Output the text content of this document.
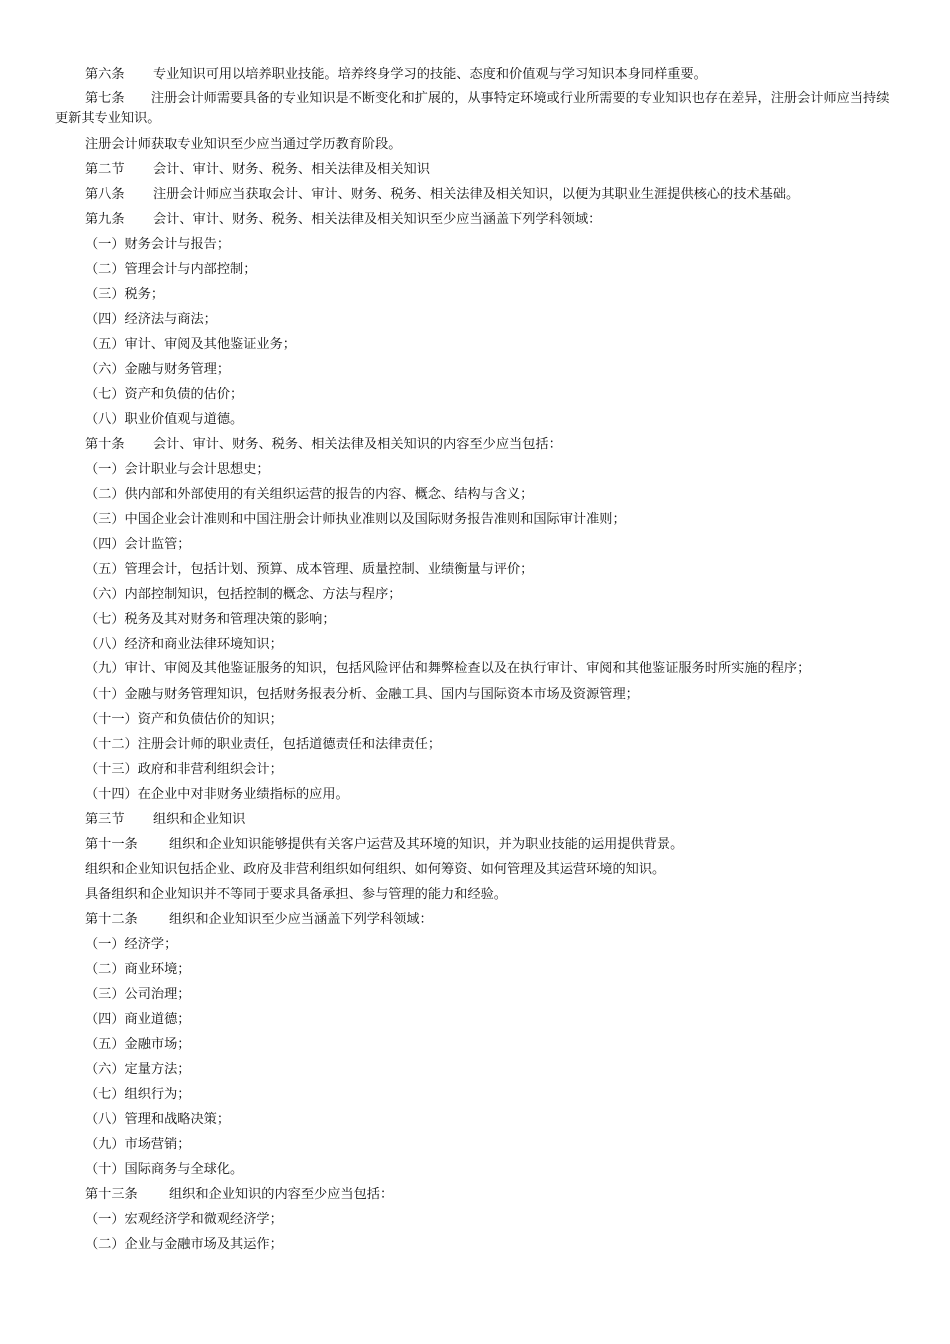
第六条 专业知识可用以培养职业技能。培养终身学习的技能、态度和价值观与学习知识本身同样重要。

第七条　　注册会计师需要具备的专业知识是不断变化和扩展的，从事特定环境或行业所需要的专业知识也存在差异，注册会计师应当持续更新其专业知识。

注册会计师获取专业知识至少应当通过学历教育阶段。

第二节 会计、审计、财务、税务、相关法律及相关知识

第八条 注册会计师应当获取会计、审计、财务、税务、相关法律及相关知识，以便为其职业生涯提供核心的技术基础。

第九条 会计、审计、财务、税务、相关法律及相关知识至少应当涵盖下列学科领域：

（一）财务会计与报告；

（二）管理会计与内部控制；

（三）税务；

（四）经济法与商法；

（五）审计、审阅及其他鉴证业务；

（六）金融与财务管理；

（七）资产和负债的估价；

（八）职业价值观与道德。

第十条 会计、审计、财务、税务、相关法律及相关知识的内容至少应当包括：

（一）会计职业与会计思想史；

（二）供内部和外部使用的有关组织运营的报告的内容、概念、结构与含义；

（三）中国企业会计准则和中国注册会计师执业准则以及国际财务报告准则和国际审计准则；

（四）会计监管；

（五）管理会计，包括计划、预算、成本管理、质量控制、业绩衡量与评价；

（六）内部控制知识，包括控制的概念、方法与程序；

（七）税务及其对财务和管理决策的影响；

（八）经济和商业法律环境知识；

（九）审计、审阅及其他鉴证服务的知识，包括风险评估和舞弊检查以及在执行审计、审阅和其他鉴证服务时所实施的程序；

（十）金融与财务管理知识，包括财务报表分析、金融工具、国内与国际资本市场及资源管理；

（十一）资产和负债估价的知识；

（十二）注册会计师的职业责任，包括道德责任和法律责任；

（十三）政府和非营利组织会计；

（十四）在企业中对非财务业绩指标的应用。

第三节 组织和企业知识

第十一条 组织和企业知识能够提供有关客户运营及其环境的知识，并为职业技能的运用提供背景。

组织和企业知识包括企业、政府及非营利组织如何组织、如何筹资、如何管理及其运营环境的知识。

具备组织和企业知识并不等同于要求具备承担、参与管理的能力和经验。

第十二条 组织和企业知识至少应当涵盖下列学科领域：

（一）经济学；

（二）商业环境；

（三）公司治理；

（四）商业道德；

（五）金融市场；

（六）定量方法；

（七）组织行为；

（八）管理和战略决策；

（九）市场营销；

（十）国际商务与全球化。

第十三条 组织和企业知识的内容至少应当包括：

（一）宏观经济学和微观经济学；

（二）企业与金融市场及其运作；
